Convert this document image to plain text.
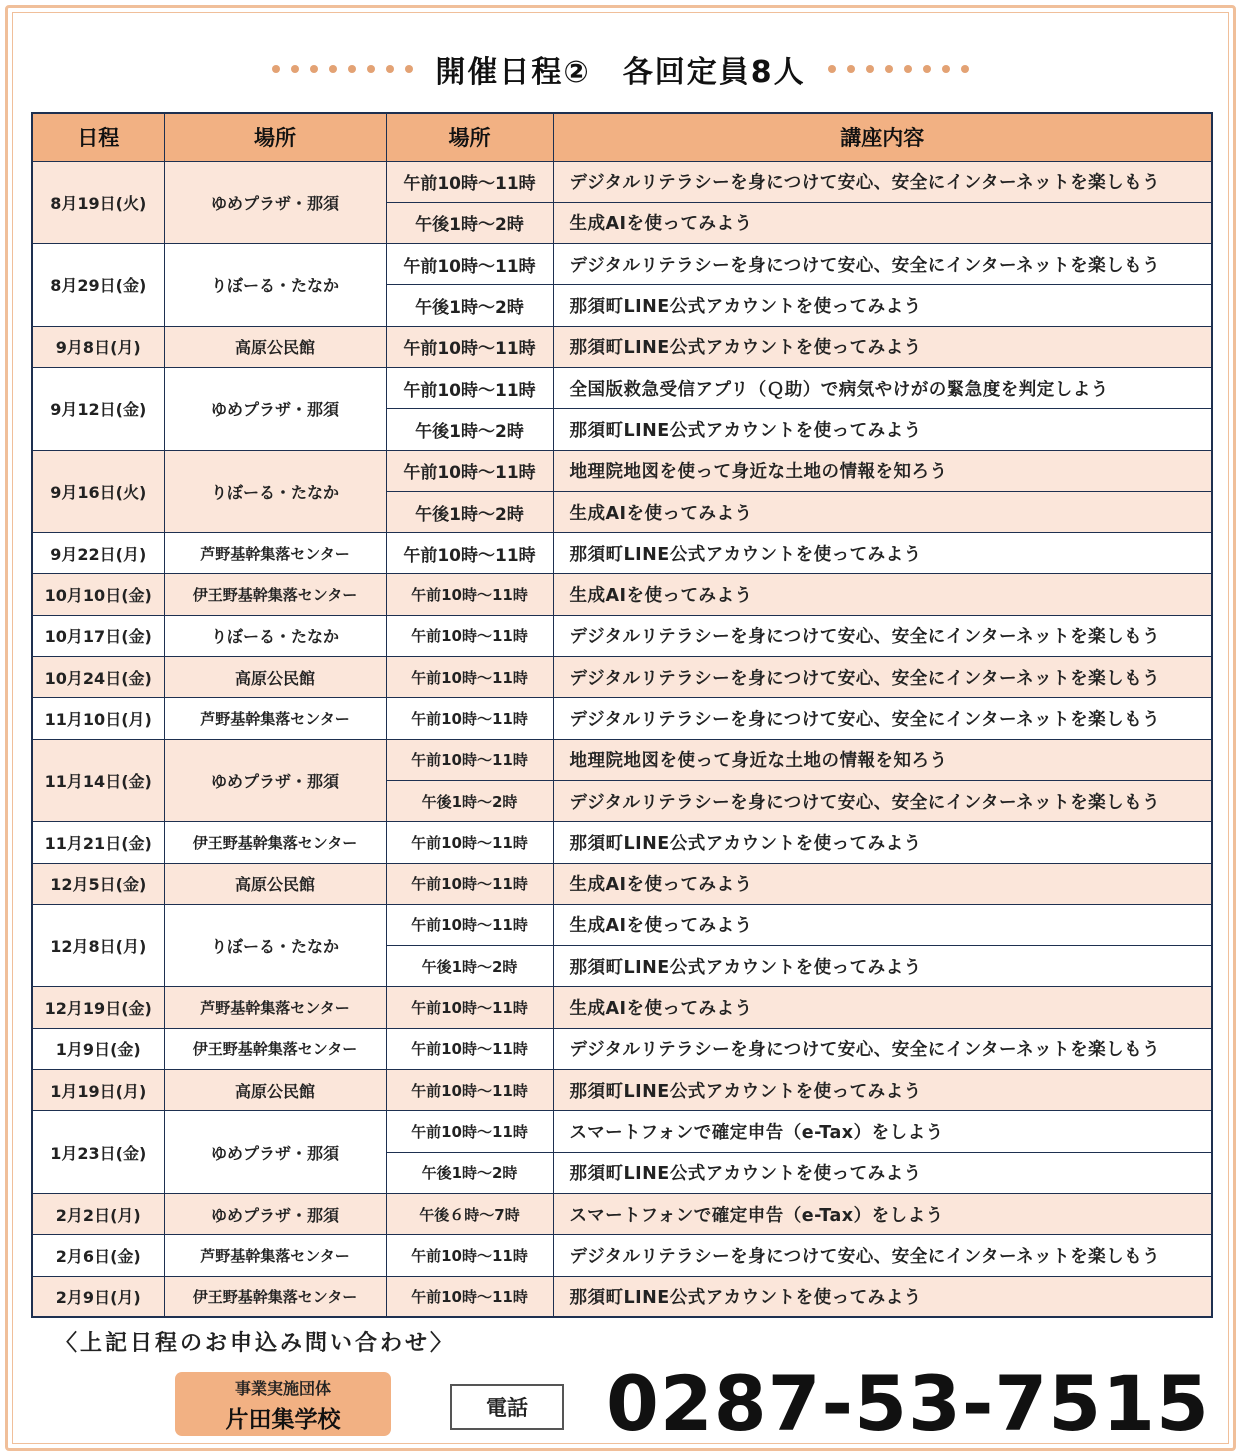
開催日程②　各回定員8人
日程	場所	場所	講座内容
8月19日(火)	ゆめプラザ・那須	午前10時～11時	デジタルリテラシーを身につけて安心、安全にインターネットを楽しもう
		午後1時～2時	生成AIを使ってみよう
8月29日(金)	りぼーる・たなか	午前10時～11時	デジタルリテラシーを身につけて安心、安全にインターネットを楽しもう
		午後1時～2時	那須町LINE公式アカウントを使ってみよう
9月8日(月)	高原公民館	午前10時～11時	那須町LINE公式アカウントを使ってみよう
9月12日(金)	ゆめプラザ・那須	午前10時～11時	全国版救急受信アプリ（Ｑ助）で病気やけがの緊急度を判定しよう
		午後1時～2時	那須町LINE公式アカウントを使ってみよう
9月16日(火)	りぼーる・たなか	午前10時～11時	地理院地図を使って身近な土地の情報を知ろう
		午後1時～2時	生成AIを使ってみよう
9月22日(月)	芦野基幹集落センター	午前10時～11時	那須町LINE公式アカウントを使ってみよう
10月10日(金)	伊王野基幹集落センター	午前10時～11時	生成AIを使ってみよう
10月17日(金)	りぼーる・たなか	午前10時～11時	デジタルリテラシーを身につけて安心、安全にインターネットを楽しもう
10月24日(金)	高原公民館	午前10時～11時	デジタルリテラシーを身につけて安心、安全にインターネットを楽しもう
11月10日(月)	芦野基幹集落センター	午前10時～11時	デジタルリテラシーを身につけて安心、安全にインターネットを楽しもう
11月14日(金)	ゆめプラザ・那須	午前10時～11時	地理院地図を使って身近な土地の情報を知ろう
		午後1時～2時	デジタルリテラシーを身につけて安心、安全にインターネットを楽しもう
11月21日(金)	伊王野基幹集落センター	午前10時～11時	那須町LINE公式アカウントを使ってみよう
12月5日(金)	高原公民館	午前10時～11時	生成AIを使ってみよう
12月8日(月)	りぼーる・たなか	午前10時～11時	生成AIを使ってみよう
		午後1時～2時	那須町LINE公式アカウントを使ってみよう
12月19日(金)	芦野基幹集落センター	午前10時～11時	生成AIを使ってみよう
1月9日(金)	伊王野基幹集落センター	午前10時～11時	デジタルリテラシーを身につけて安心、安全にインターネットを楽しもう
1月19日(月)	高原公民館	午前10時～11時	那須町LINE公式アカウントを使ってみよう
1月23日(金)	ゆめプラザ・那須	午前10時～11時	スマートフォンで確定申告（e-Tax）をしよう
		午後1時～2時	那須町LINE公式アカウントを使ってみよう
2月2日(月)	ゆめプラザ・那須	午後６時～7時	スマートフォンで確定申告（e-Tax）をしよう
2月6日(金)	芦野基幹集落センター	午前10時～11時	デジタルリテラシーを身につけて安心、安全にインターネットを楽しもう
2月9日(月)	伊王野基幹集落センター	午前10時～11時	那須町LINE公式アカウントを使ってみよう
〈上記日程のお申込み問い合わせ〉
事業実施団体
片田集学校	電話	0287-53-7515
